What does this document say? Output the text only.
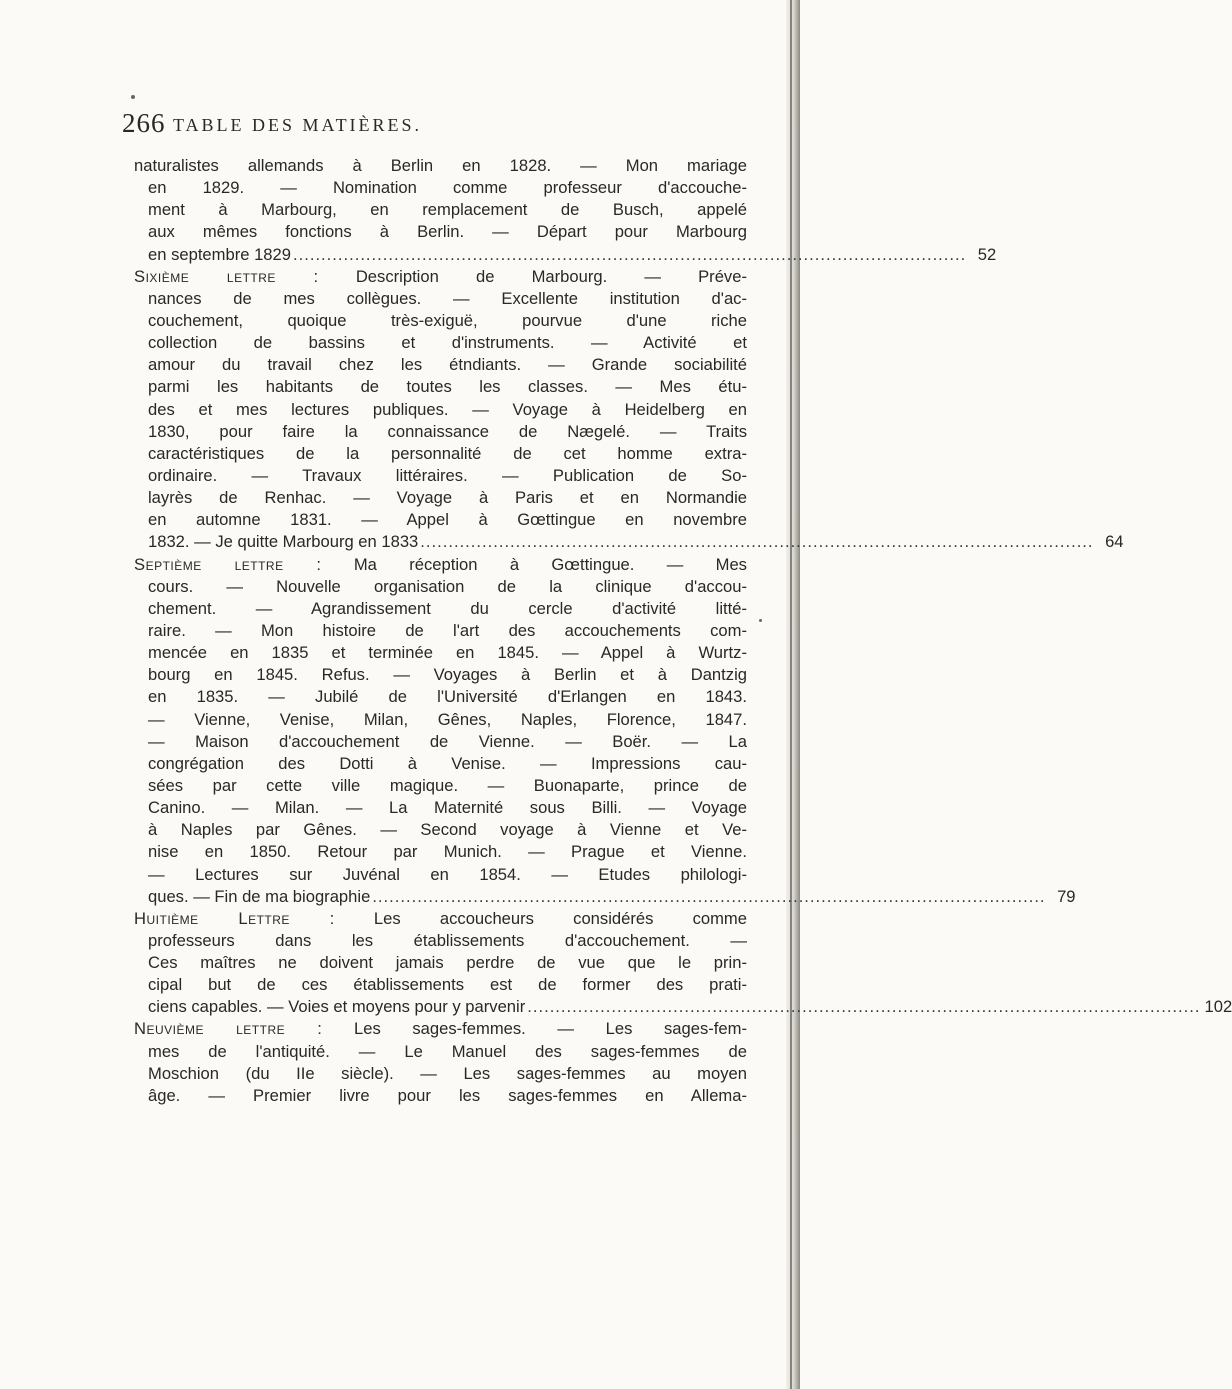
266 TABLE DES MATIÈRES.
naturalistes allemands à Berlin en 1828. — Mon mariage
en 1829. — Nomination comme professeur d'accouche-
ment à Marbourg, en remplacement de Busch, appelé
aux mêmes fonctions à Berlin. — Départ pour Marbourg
en septembre 1829 ........................................................................................................................ 52
Sixième lettre : Description de Marbourg. — Préve-
nances de mes collègues. — Excellente institution d'ac-
couchement, quoique très-exiguë, pourvue d'une riche
collection de bassins et d'instruments. — Activité et
amour du travail chez les étndiants. — Grande sociabilité
parmi les habitants de toutes les classes. — Mes étu-
des et mes lectures publiques. — Voyage à Heidelberg en
1830, pour faire la connaissance de Nægelé. — Traits
caractéristiques de la personnalité de cet homme extra-
ordinaire. — Travaux littéraires. — Publication de So-
layrès de Renhac. — Voyage à Paris et en Normandie
en automne 1831. — Appel à Gœttingue en novembre
1832. — Je quitte Marbourg en 1833 ........................................................................................................................ 64
Septième lettre : Ma réception à Gœttingue. — Mes
cours. — Nouvelle organisation de la clinique d'accou-
chement. — Agrandissement du cercle d'activité litté-
raire. — Mon histoire de l'art des accouchements com-
mencée en 1835 et terminée en 1845. — Appel à Wurtz-
bourg en 1845. Refus. — Voyages à Berlin et à Dantzig
en 1835. — Jubilé de l'Université d'Erlangen en 1843.
— Vienne, Venise, Milan, Gênes, Naples, Florence, 1847.
— Maison d'accouchement de Vienne. — Boër. — La
congrégation des Dotti à Venise. — Impressions cau-
sées par cette ville magique. — Buonaparte, prince de
Canino. — Milan. — La Maternité sous Billi. — Voyage
à Naples par Gênes. — Second voyage à Vienne et Ve-
nise en 1850. Retour par Munich. — Prague et Vienne.
— Lectures sur Juvénal en 1854. — Etudes philologi-
ques. — Fin de ma biographie ........................................................................................................................ 79
Huitième Lettre : Les accoucheurs considérés comme
professeurs dans les établissements d'accouchement. —
Ces maîtres ne doivent jamais perdre de vue que le prin-
cipal but de ces établissements est de former des prati-
ciens capables. — Voies et moyens pour y parvenir ........................................................................................................................ 102
Neuvième lettre : Les sages-femmes. — Les sages-fem-
mes de l'antiquité. — Le Manuel des sages-femmes de
Moschion (du IIe siècle). — Les sages-femmes au moyen
âge. — Premier livre pour les sages-femmes en Allema-
